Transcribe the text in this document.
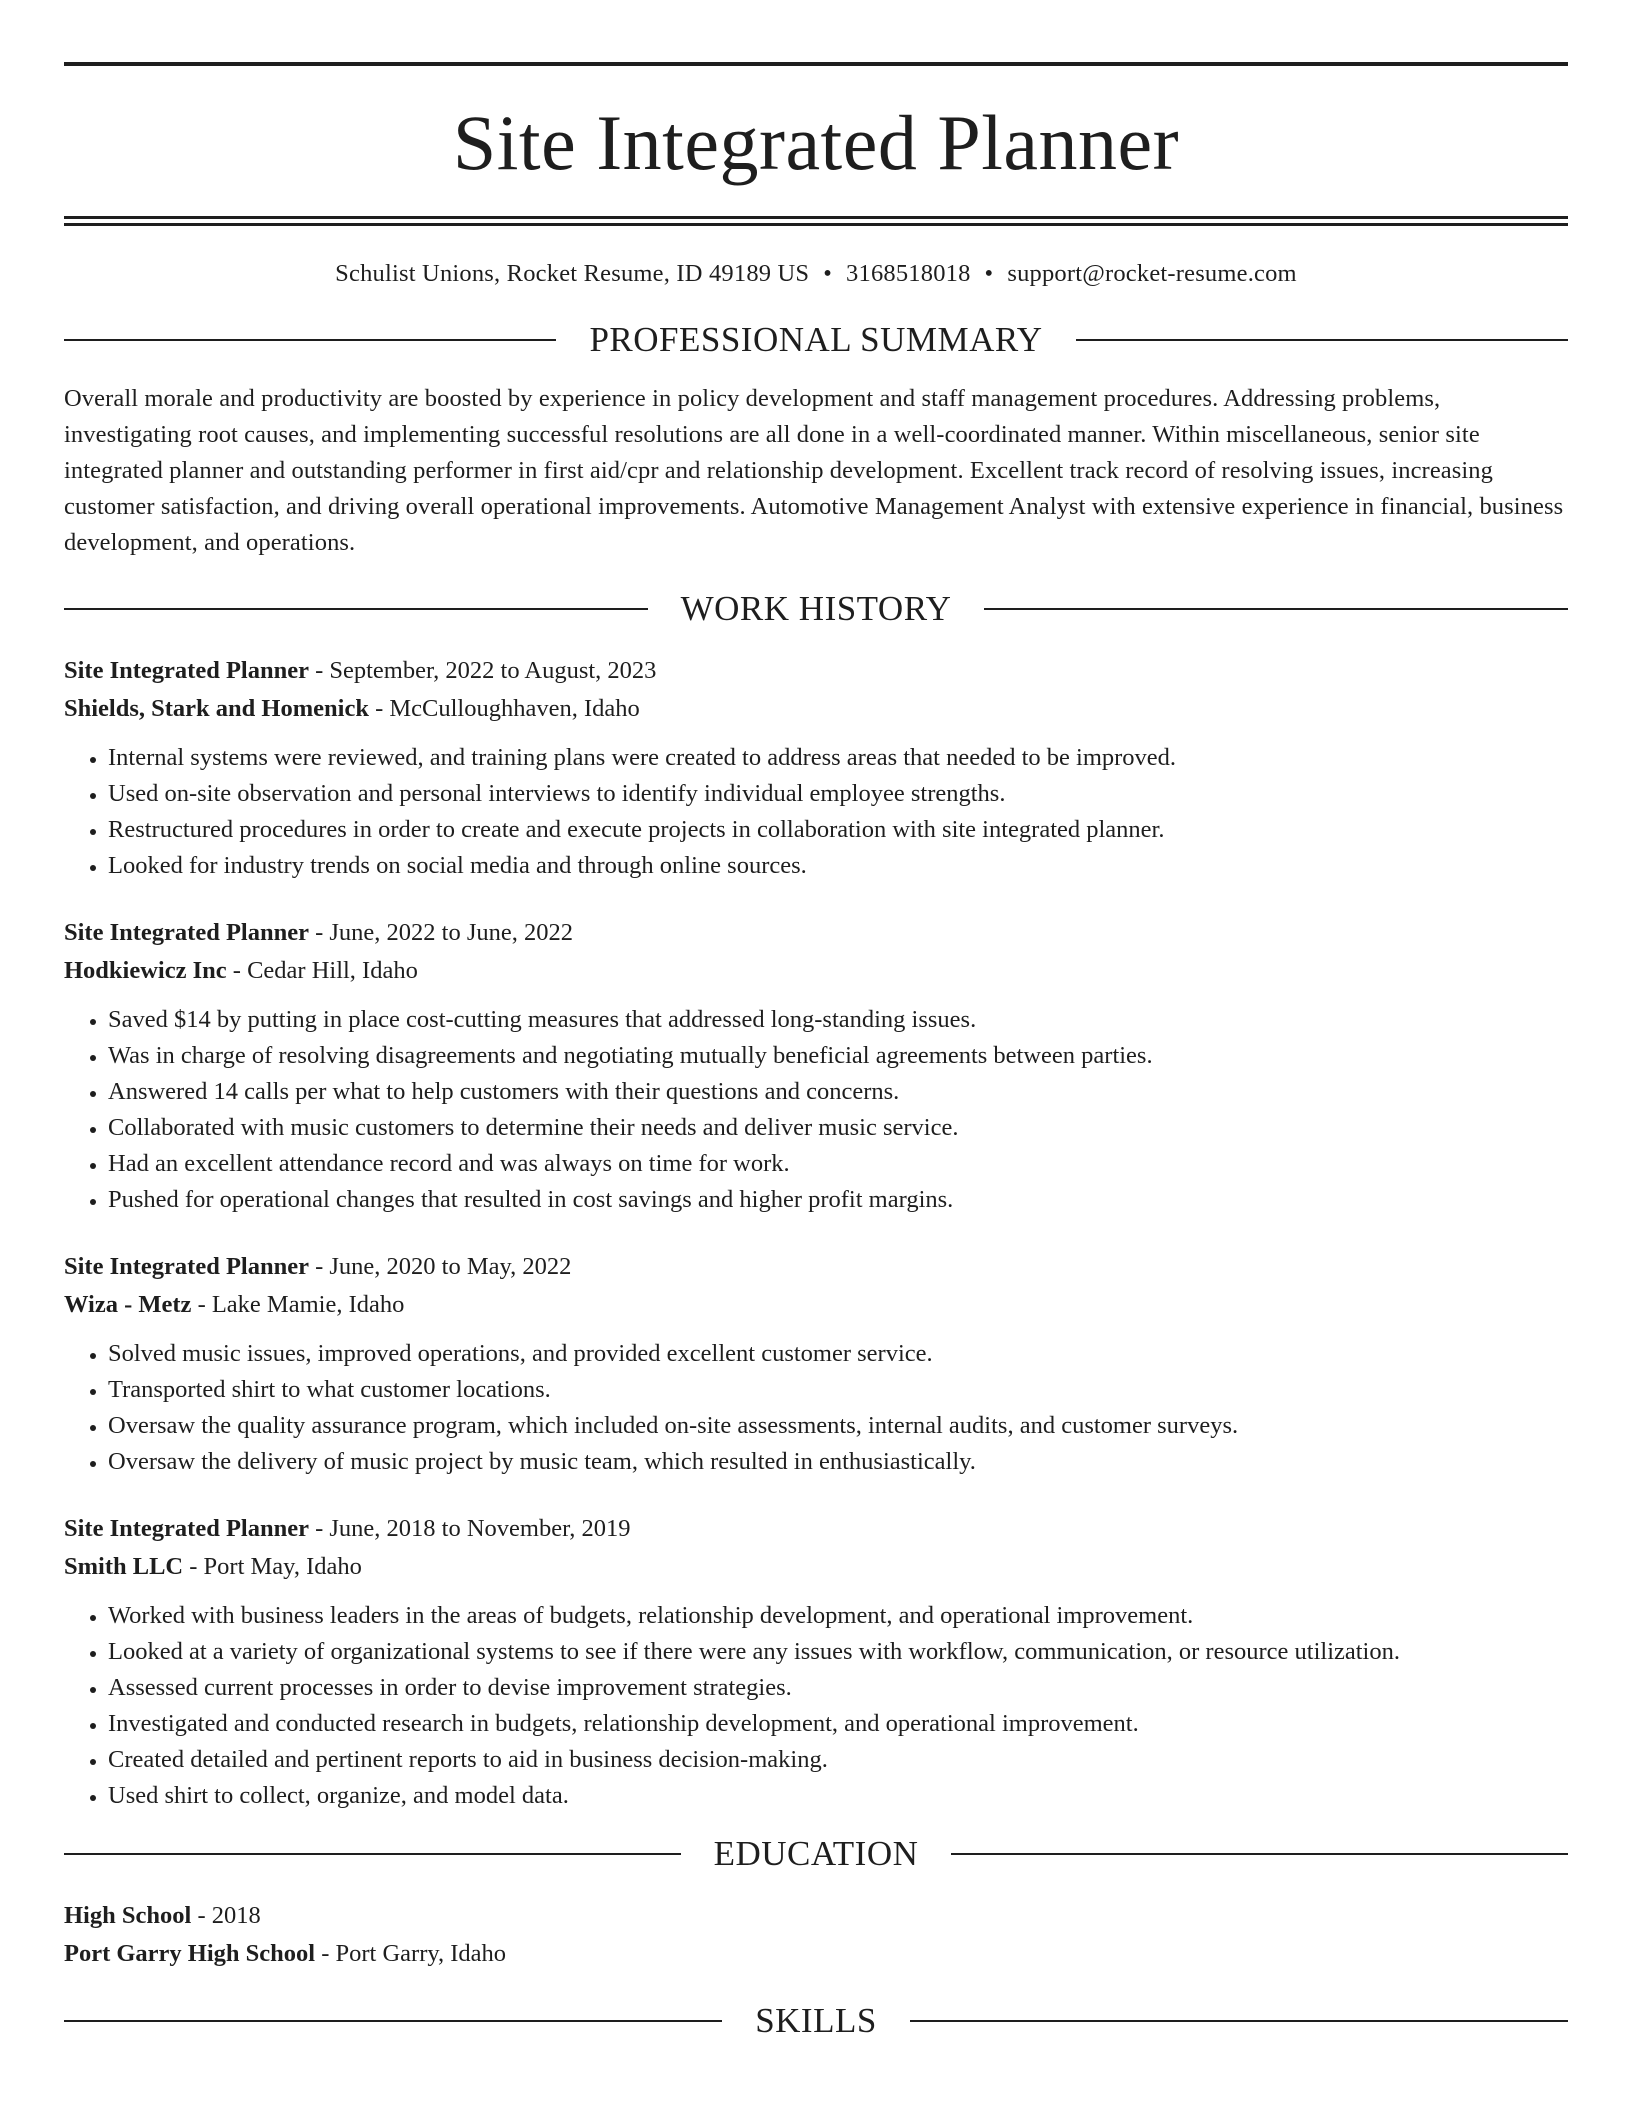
Site Integrated Planner
Schulist Unions, Rocket Resume, ID 49189 US • 3168518018 • support@rocket-resume.com
PROFESSIONAL SUMMARY
Overall morale and productivity are boosted by experience in policy development and staff management procedures. Addressing problems, investigating root causes, and implementing successful resolutions are all done in a well-coordinated manner. Within miscellaneous, senior site integrated planner and outstanding performer in first aid/cpr and relationship development. Excellent track record of resolving issues, increasing customer satisfaction, and driving overall operational improvements. Automotive Management Analyst with extensive experience in financial, business development, and operations.
WORK HISTORY
Site Integrated Planner - September, 2022 to August, 2023
Shields, Stark and Homenick - McCulloughhaven, Idaho
• Internal systems were reviewed, and training plans were created to address areas that needed to be improved.
• Used on-site observation and personal interviews to identify individual employee strengths.
• Restructured procedures in order to create and execute projects in collaboration with site integrated planner.
• Looked for industry trends on social media and through online sources.
Site Integrated Planner - June, 2022 to June, 2022
Hodkiewicz Inc - Cedar Hill, Idaho
• Saved $14 by putting in place cost-cutting measures that addressed long-standing issues.
• Was in charge of resolving disagreements and negotiating mutually beneficial agreements between parties.
• Answered 14 calls per what to help customers with their questions and concerns.
• Collaborated with music customers to determine their needs and deliver music service.
• Had an excellent attendance record and was always on time for work.
• Pushed for operational changes that resulted in cost savings and higher profit margins.
Site Integrated Planner - June, 2020 to May, 2022
Wiza - Metz - Lake Mamie, Idaho
• Solved music issues, improved operations, and provided excellent customer service.
• Transported shirt to what customer locations.
• Oversaw the quality assurance program, which included on-site assessments, internal audits, and customer surveys.
• Oversaw the delivery of music project by music team, which resulted in enthusiastically.
Site Integrated Planner - June, 2018 to November, 2019
Smith LLC - Port May, Idaho
• Worked with business leaders in the areas of budgets, relationship development, and operational improvement.
• Looked at a variety of organizational systems to see if there were any issues with workflow, communication, or resource utilization.
• Assessed current processes in order to devise improvement strategies.
• Investigated and conducted research in budgets, relationship development, and operational improvement.
• Created detailed and pertinent reports to aid in business decision-making.
• Used shirt to collect, organize, and model data.
EDUCATION
High School - 2018
Port Garry High School - Port Garry, Idaho
SKILLS
